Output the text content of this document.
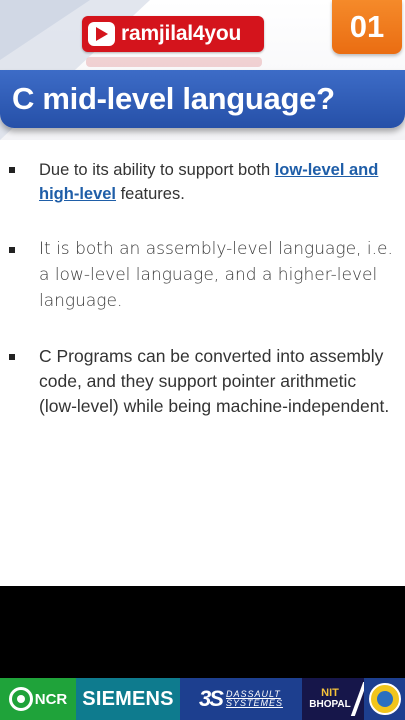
ramjilal4you	01
C mid-level language?

Due to its ability to support both low-level and high-level features.

It is both an assembly-level language, i.e. a low-level language, and a higher-level language.

C Programs can be converted into assembly code, and they support pointer arithmetic (low-level) while being machine-independent.

NCR SIEMENS 3S DASSAULT
SYSTEMES
NIT
BHOPAL
